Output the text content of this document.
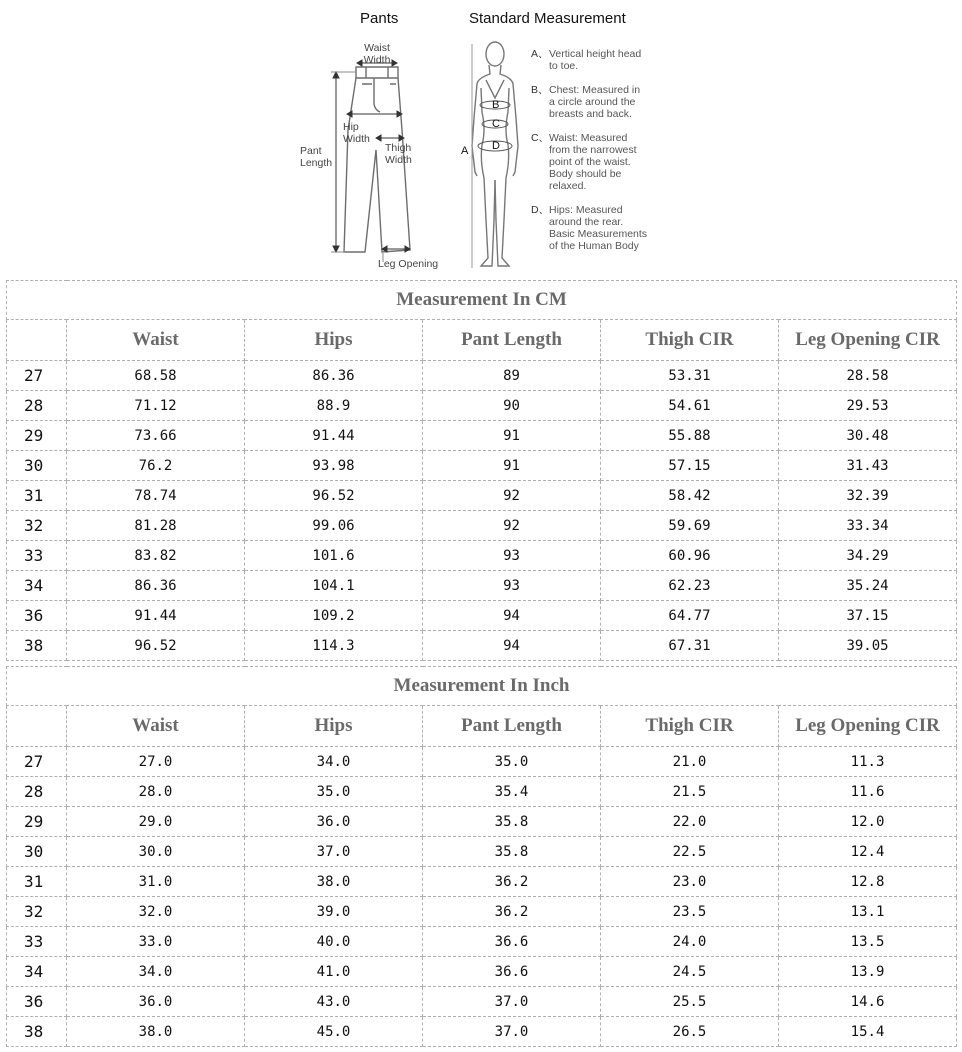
Pants	Standard Measurement
Waist
Width
Hip
Width
Thigh
Width
Pant
Length
Leg Opening
A
B
C
D
A、 Vertical height head
to toe.
B、 Chest: Measured in
a circle around the
breasts and back.
C、 Waist: Measured
from the narrowest
point of the waist.
Body should be
relaxed.
D、 Hips: Measured
around the rear.
Basic Measurements
of the Human Body
Measurement In CM					
	Waist	Hips	Pant Length	Thigh CIR	Leg Opening CIR
27	68.58	86.36	89	53.31	28.58
28	71.12	88.9	90	54.61	29.53
29	73.66	91.44	91	55.88	30.48
30	76.2	93.98	91	57.15	31.43
31	78.74	96.52	92	58.42	32.39
32	81.28	99.06	92	59.69	33.34
33	83.82	101.6	93	60.96	34.29
34	86.36	104.1	93	62.23	35.24
36	91.44	109.2	94	64.77	37.15
38	96.52	114.3	94	67.31	39.05
Measurement In Inch					
	Waist	Hips	Pant Length	Thigh CIR	Leg Opening CIR
27	27.0	34.0	35.0	21.0	11.3
28	28.0	35.0	35.4	21.5	11.6
29	29.0	36.0	35.8	22.0	12.0
30	30.0	37.0	35.8	22.5	12.4
31	31.0	38.0	36.2	23.0	12.8
32	32.0	39.0	36.2	23.5	13.1
33	33.0	40.0	36.6	24.0	13.5
34	34.0	41.0	36.6	24.5	13.9
36	36.0	43.0	37.0	25.5	14.6
38	38.0	45.0	37.0	26.5	15.4
